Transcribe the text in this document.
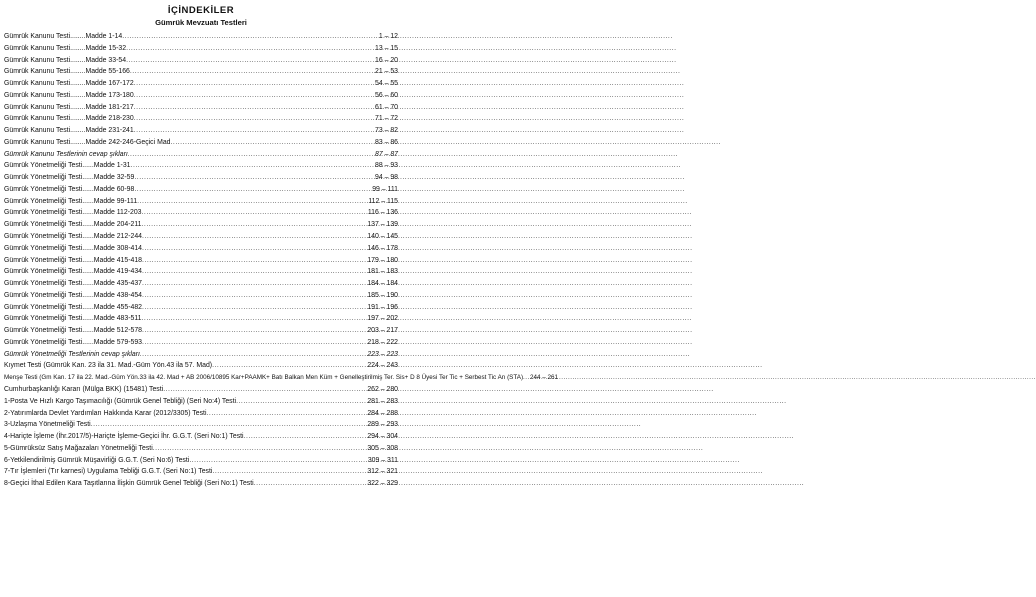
İÇİNDEKİLER
Gümrük Mevzuatı Testleri
Gümrük Kanunu Testi........Madde 1-14 .....	1 – 12
Gümrük Kanunu Testi........Madde 15-32 .....	13 – 15
Gümrük Kanunu Testi........Madde 33-54 .....	16 – 20
Gümrük Kanunu Testi........Madde 55-166 .....	21 – 53
Gümrük Kanunu Testi........Madde 167-172 .....	54 – 55
Gümrük Kanunu Testi........Madde 173-180 .....	56 – 60
Gümrük Kanunu Testi........Madde 181-217 .....	61 – 70
Gümrük Kanunu Testi........Madde 218-230 .....	71 – 72
Gümrük Kanunu Testi........Madde 231-241 .....	73 – 82
Gümrük Kanunu Testi........Madde 242-246-Geçici Mad .....	83 – 86
Gümrük Kanunu Testlerinin cevap şıkları .....	87 – 87
Gümrük Yönetmeliği Testi......Madde 1-31 .....	88 – 93
Gümrük Yönetmeliği Testi......Madde 32-59 .....	94 – 98
Gümrük Yönetmeliği Testi......Madde 60-98 .....	99 – 111
Gümrük Yönetmeliği Testi......Madde 99-111 .....	112 – 115
Gümrük Yönetmeliği Testi......Madde 112-203 .....	116 – 136
Gümrük Yönetmeliği Testi......Madde 204-211 .....	137 – 139
Gümrük Yönetmeliği Testi......Madde 212-244 .....	140 – 145
Gümrük Yönetmeliği Testi......Madde 308-414 .....	146 – 178
Gümrük Yönetmeliği Testi......Madde 415-418 .....	179 – 180
Gümrük Yönetmeliği Testi......Madde 419-434 .....	181 – 183
Gümrük Yönetmeliği Testi......Madde 435-437 .....	184 – 184
Gümrük Yönetmeliği Testi......Madde 438-454 .....	185 – 190
Gümrük Yönetmeliği Testi......Madde 455-482 .....	191 – 196
Gümrük Yönetmeliği Testi......Madde 483-511 .....	197 – 202
Gümrük Yönetmeliği Testi......Madde 512-578 .....	203 – 217
Gümrük Yönetmeliği Testi......Madde 579-593 .....	218 – 222
Gümrük Yönetmeliği Testlerinin cevap şıkları .....	223 – 223
Kıymet Testi (Gümrük Kan. 23 ila 31. Mad.-Güm Yön.43 ila 57. Mad) .....	224 – 243
Menşe Testi (Gm Kan. 17 ila 22. Mad.-Güm Yön.33 ila 42. Mad + AB 2006/10895 Kar+PAAMK+ Batı Balkan Men Küm + Genelleştirilmiş Ter. Sis+ D 8 Üyesi Ter Tic + Serbest Tic An (STA) ..... 244 – 261
Cumhurbaşkanlığı Kararı (Mülga BKK) (15481) Testi .....	262 – 280
1-Posta Ve Hızlı Kargo Taşımacılığı (Gümrük Genel Tebliği) (Seri No:4) Testi .....	281 – 283
2-Yatırımlarda Devlet Yardımları Hakkında Karar (2012/3305) Testi .....	284 – 288
3-Uzlaşma Yönetmeliği Testi .....	289 – 293
4-Hariçte İşleme (İhr.2017/5)-Hariçte İşleme-Geçici İhr. G.G.T. (Seri No:1) Testi .....	294 – 304
5-Gümrüksüz Satış Mağazaları Yönetmeliği Testi .....	305 – 308
6-Yetkilendirilmiş Gümrük Müşavirliği G.G.T. (Seri No:6) Testi .....	309 – 311
7-Tır İşlemleri (Tır karnesi) Uygulama Tebliği G.G.T. (Seri No:1) Testi .....	312 – 321
8-Geçici İthal Edilen Kara Taşıtlarına İlişkin Gümrük Genel Tebliği (Seri No:1) Testi .....	322 – 329
